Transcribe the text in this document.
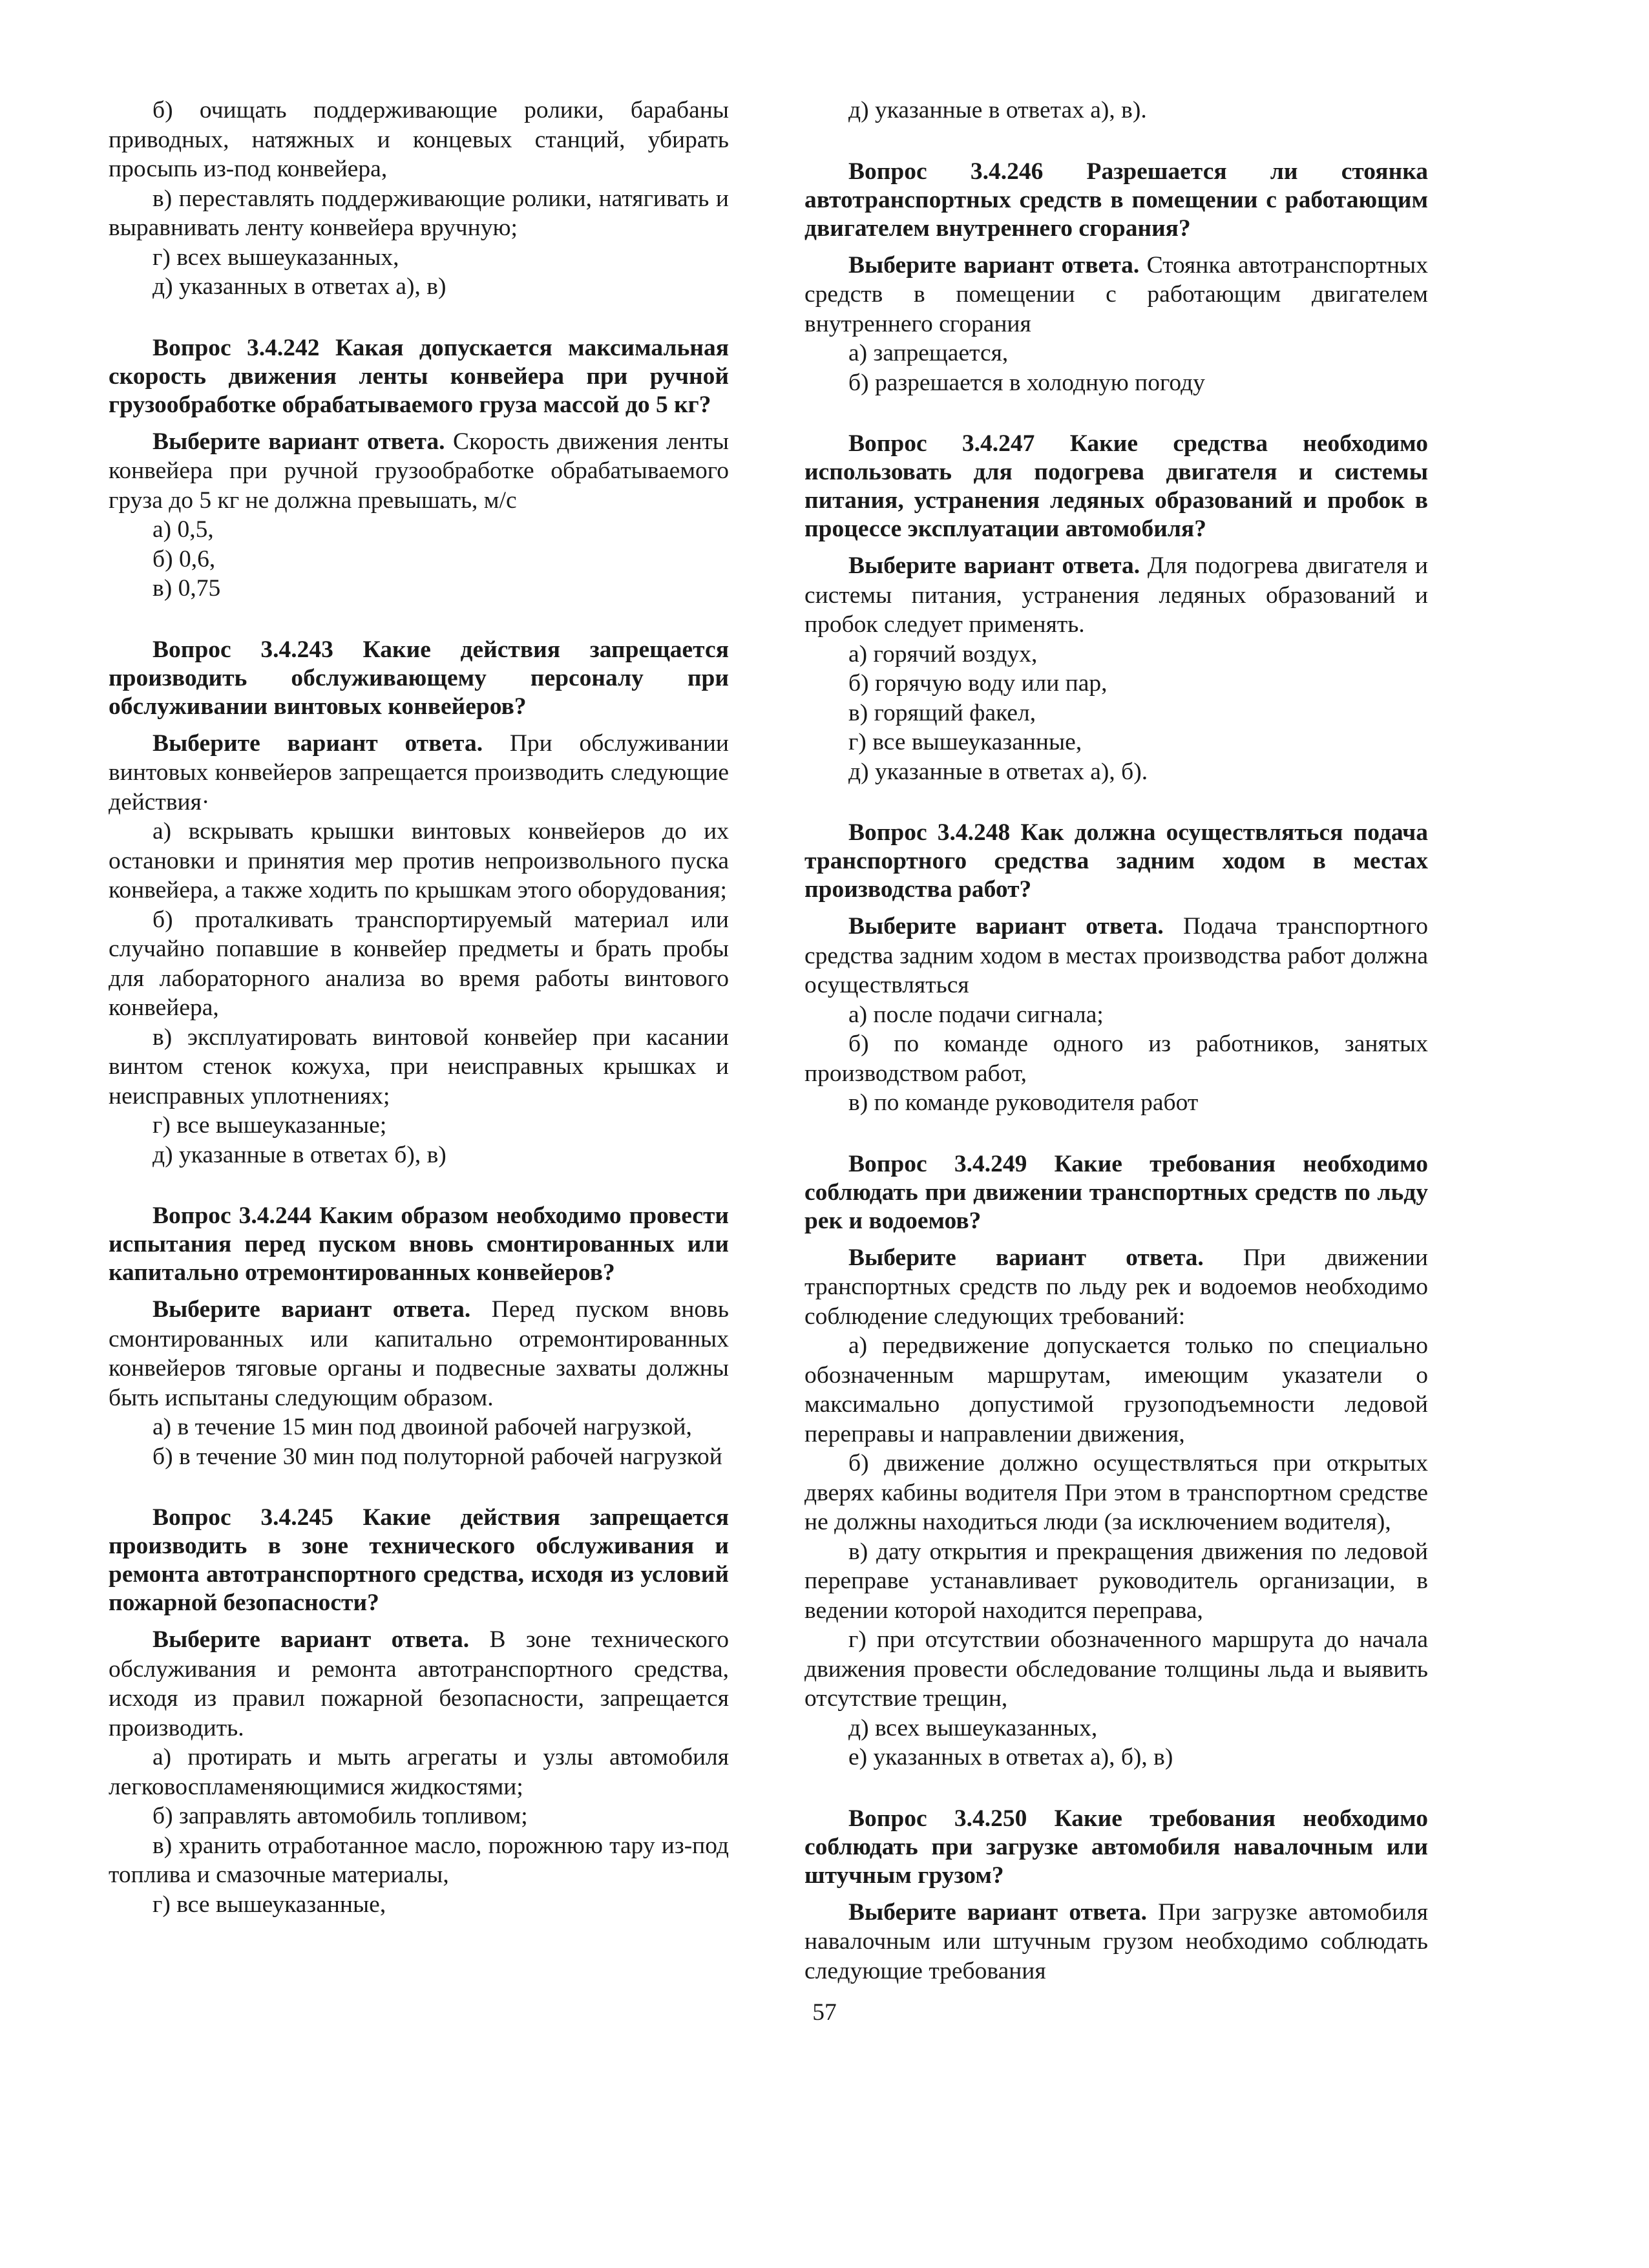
б) очищать поддерживающие ролики, барабаны приводных, натяжных и концевых станций, убирать просыпь из-под конвейера,

в) переставлять поддерживающие ролики, натягивать и выравнивать ленту конвейера вручную;

г) всех вышеуказанных,

д) указанных в ответах а), в)

Вопрос 3.4.242 Какая допускается максимальная скорость движения ленты конвейера при ручной грузообработке обрабатываемого груза массой до 5 кг?

Выберите вариант ответа. Скорость движения ленты конвейера при ручной грузообработке обрабатываемого груза до 5 кг не должна превышать, м/с

а) 0,5,

б) 0,6,

в) 0,75

Вопрос 3.4.243 Какие действия запрещается производить обслуживающему персоналу при обслуживании винтовых конвейеров?

Выберите вариант ответа. При обслуживании винтовых конвейеров запрещается производить следующие действия·

а) вскрывать крышки винтовых конвейеров до их остановки и принятия мер против непроизвольного пуска конвейера, а также ходить по крышкам этого оборудования;

б) проталкивать транспортируемый материал или случайно попавшие в конвейер предметы и брать пробы для лабораторного анализа во время работы винтового конвейера,

в) эксплуатировать винтовой конвейер при касании винтом стенок кожуха, при неисправных крышках и неисправных уплотнениях;

г) все вышеуказанные;

д) указанные в ответах б), в)

Вопрос 3.4.244 Каким образом необходимо провести испытания перед пуском вновь смонтированных или капитально отремонтированных конвейеров?

Выберите вариант ответа. Перед пуском вновь смонтированных или капитально отремонтированных конвейеров тяговые органы и подвесные захваты должны быть испытаны следующим образом.

а) в течение 15 мин под двоиной рабочей нагрузкой,

б) в течение 30 мин под полуторной рабочей нагрузкой

Вопрос 3.4.245 Какие действия запрещается производить в зоне технического обслуживания и ремонта автотранспортного средства, исходя из условий пожарной безопасности?

Выберите вариант ответа. В зоне технического обслуживания и ремонта автотранспортного средства, исходя из правил пожарной безопасности, запрещается производить.

а) протирать и мыть агрегаты и узлы автомобиля легковоспламеняющимися жидкостями;

б) заправлять автомобиль топливом;

в) хранить отработанное масло, порожнюю тару из-под топлива и смазочные материалы,

г) все вышеуказанные,

д) указанные в ответах а), в).

Вопрос 3.4.246 Разрешается ли стоянка автотранспортных средств в помещении с работающим двигателем внутреннего сгорания?

Выберите вариант ответа. Стоянка автотранспортных средств в помещении с работающим двигателем внутреннего сгорания

а) запрещается,

б) разрешается в холодную погоду

Вопрос 3.4.247 Какие средства необходимо использовать для подогрева двигателя и системы питания, устранения ледяных образований и пробок в процессе эксплуатации автомобиля?

Выберите вариант ответа. Для подогрева двигателя и системы питания, устранения ледяных образований и пробок следует применять.

а) горячий воздух,

б) горячую воду или пар,

в) горящий факел,

г) все вышеуказанные,

д) указанные в ответах а), б).

Вопрос 3.4.248 Как должна осуществляться подача транспортного средства задним ходом в местах производства работ?

Выберите вариант ответа. Подача транспортного средства задним ходом в местах производства работ должна осуществляться

а) после подачи сигнала;

б) по команде одного из работников, занятых производством работ,

в) по команде руководителя работ

Вопрос 3.4.249 Какие требования необходимо соблюдать при движении транспортных средств по льду рек и водоемов?

Выберите вариант ответа. При движении транспортных средств по льду рек и водоемов необходимо соблюдение следующих требований:

а) передвижение допускается только по специально обозначенным маршрутам, имеющим указатели о максимально допустимой грузоподъемности ледовой переправы и направлении движения,

б) движение должно осуществляться при открытых дверях кабины водителя При этом в транспортном средстве не должны находиться люди (за исключением водителя),

в) дату открытия и прекращения движения по ледовой переправе устанавливает руководитель организации, в ведении которой находится переправа,

г) при отсутствии обозначенного маршрута до начала движения провести обследование толщины льда и выявить отсутствие трещин,

д) всех вышеуказанных,

е) указанных в ответах а), б), в)

Вопрос 3.4.250 Какие требования необходимо соблюдать при загрузке автомобиля навалочным или штучным грузом?

Выберите вариант ответа. При загрузке автомобиля навалочным или штучным грузом необходимо соблюдать следующие требования

57
